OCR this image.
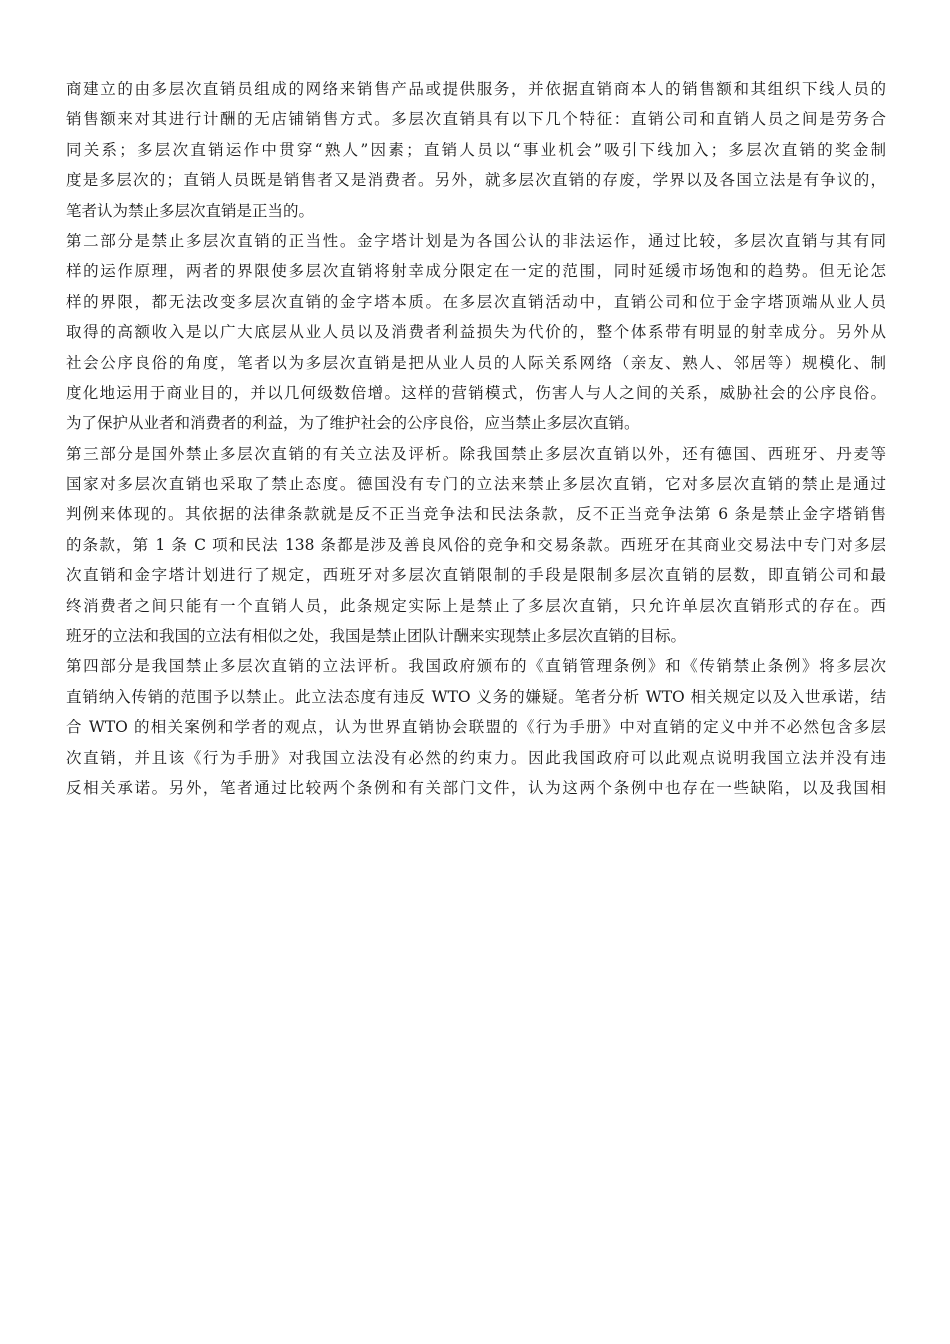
商建立的由多层次直销员组成的网络来销售产品或提供服务，并依据直销商本人的销售额和其组织下线人员的
销售额来对其进行计酬的无店铺销售方式。多层次直销具有以下几个特征：直销公司和直销人员之间是劳务合
同关系；多层次直销运作中贯穿“熟人”因素；直销人员以“事业机会”吸引下线加入；多层次直销的奖金制
度是多层次的；直销人员既是销售者又是消费者。另外，就多层次直销的存废，学界以及各国立法是有争议的，
笔者认为禁止多层次直销是正当的。
第二部分是禁止多层次直销的正当性。金字塔计划是为各国公认的非法运作，通过比较，多层次直销与其有同
样的运作原理，两者的界限使多层次直销将射幸成分限定在一定的范围，同时延缓市场饱和的趋势。但无论怎
样的界限，都无法改变多层次直销的金字塔本质。在多层次直销活动中，直销公司和位于金字塔顶端从业人员
取得的高额收入是以广大底层从业人员以及消费者利益损失为代价的，整个体系带有明显的射幸成分。另外从
社会公序良俗的角度，笔者以为多层次直销是把从业人员的人际关系网络（亲友、熟人、邻居等）规模化、制
度化地运用于商业目的，并以几何级数倍增。这样的营销模式，伤害人与人之间的关系，威胁社会的公序良俗。
为了保护从业者和消费者的利益，为了维护社会的公序良俗，应当禁止多层次直销。
第三部分是国外禁止多层次直销的有关立法及评析。除我国禁止多层次直销以外，还有德国、西班牙、丹麦等
国家对多层次直销也采取了禁止态度。德国没有专门的立法来禁止多层次直销，它对多层次直销的禁止是通过
判例来体现的。其依据的法律条款就是反不正当竞争法和民法条款，反不正当竞争法第 6 条是禁止金字塔销售
的条款，第 1 条 C 项和民法 138 条都是涉及善良风俗的竞争和交易条款。西班牙在其商业交易法中专门对多层
次直销和金字塔计划进行了规定，西班牙对多层次直销限制的手段是限制多层次直销的层数，即直销公司和最
终消费者之间只能有一个直销人员，此条规定实际上是禁止了多层次直销，只允许单层次直销形式的存在。西
班牙的立法和我国的立法有相似之处，我国是禁止团队计酬来实现禁止多层次直销的目标。
第四部分是我国禁止多层次直销的立法评析。我国政府颁布的《直销管理条例》和《传销禁止条例》将多层次
直销纳入传销的范围予以禁止。此立法态度有违反 WTO 义务的嫌疑。笔者分析 WTO 相关规定以及入世承诺，结
合 WTO 的相关案例和学者的观点，认为世界直销协会联盟的《行为手册》中对直销的定义中并不必然包含多层
次直销，并且该《行为手册》对我国立法没有必然的约束力。因此我国政府可以此观点说明我国立法并没有违
反相关承诺。另外，笔者通过比较两个条例和有关部门文件，认为这两个条例中也存在一些缺陷，以及我国相
